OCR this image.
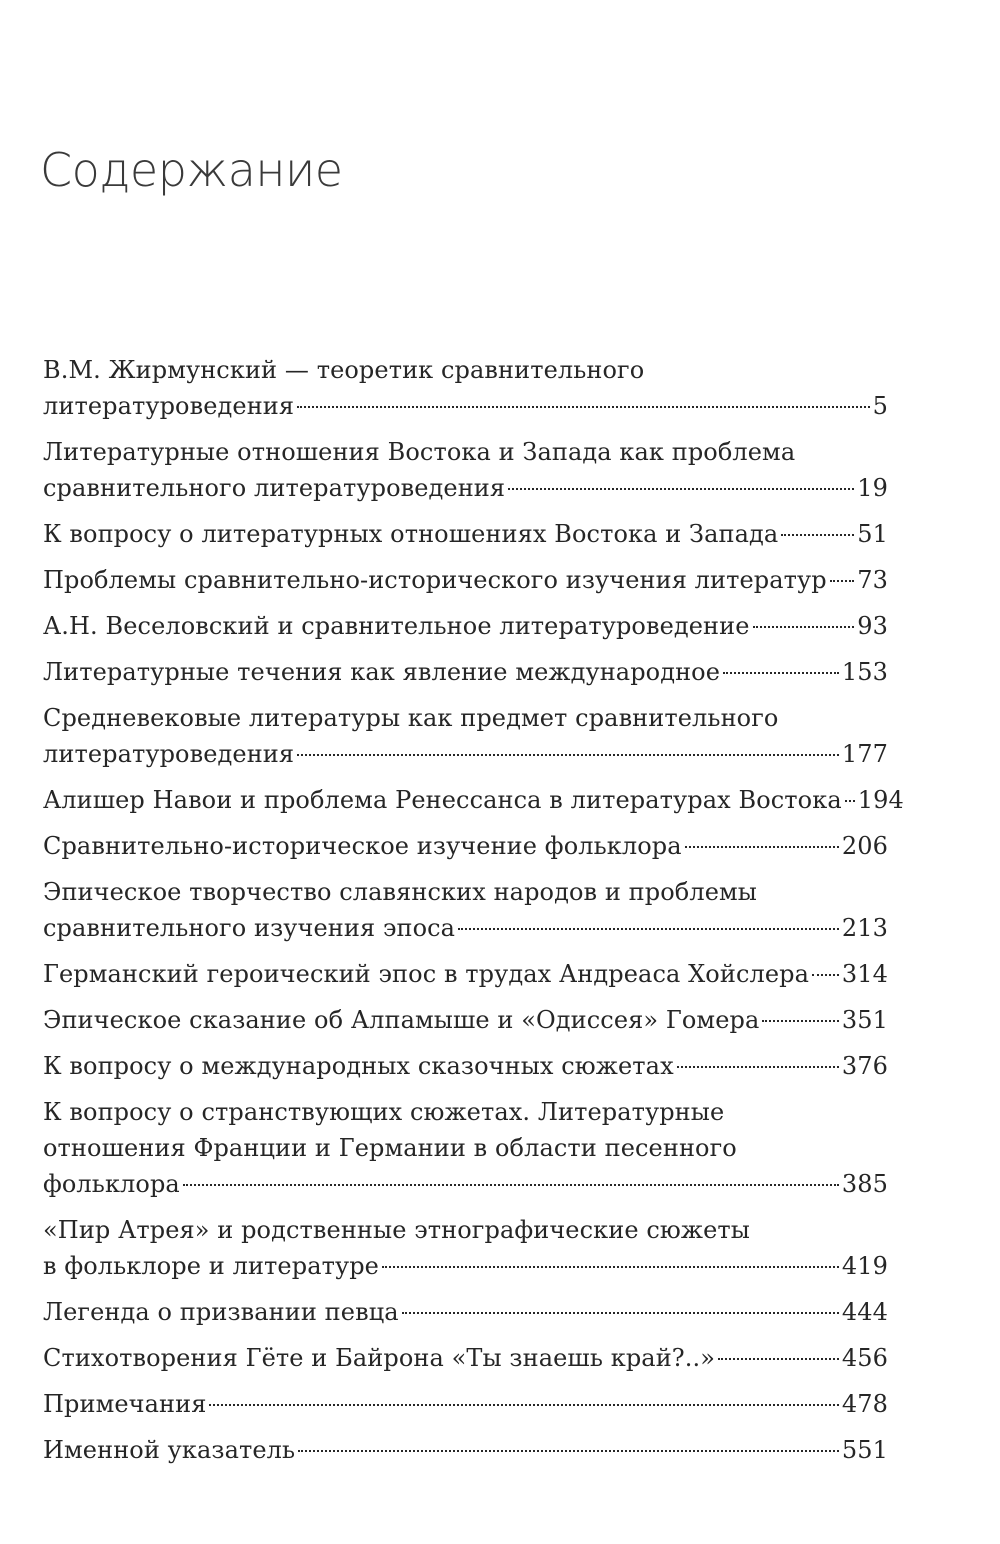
Содержание
В.М. Жирмунский — теоретик сравнительного
литературоведения	5
Литературные отношения Востока и Запада как проблема
сравнительного литературоведения	19
К вопросу о литературных отношениях Востока и Запада	51
Проблемы сравнительно-исторического изучения литератур 73
А.Н. Веселовский и сравнительное литературоведение	93
Литературные течения как явление международное	153
Средневековые литературы как предмет сравнительного
литературоведения	177
Алишер Навои и проблема Ренессанса в литературах Востока 194
Сравнительно-историческое изучение фольклора	206
Эпическое творчество славянских народов и проблемы
сравнительного изучения эпоса	213
Германский героический эпос в трудах Андреаса Хойслера 314
Эпическое сказание об Алпамыше и «Одиссея» Гомера	351
К вопросу о международных сказочных сюжетах	376
К вопросу о странствующих сюжетах. Литературные
отношения Франции и Германии в области песенного
фольклора	385
«Пир Атрея» и родственные этнографические сюжеты
в фольклоре и литературе	419
Легенда о призвании певца	444
Стихотворения Гёте и Байрона «Ты знаешь край?..»	456
Примечания	478
Именной указатель	551
